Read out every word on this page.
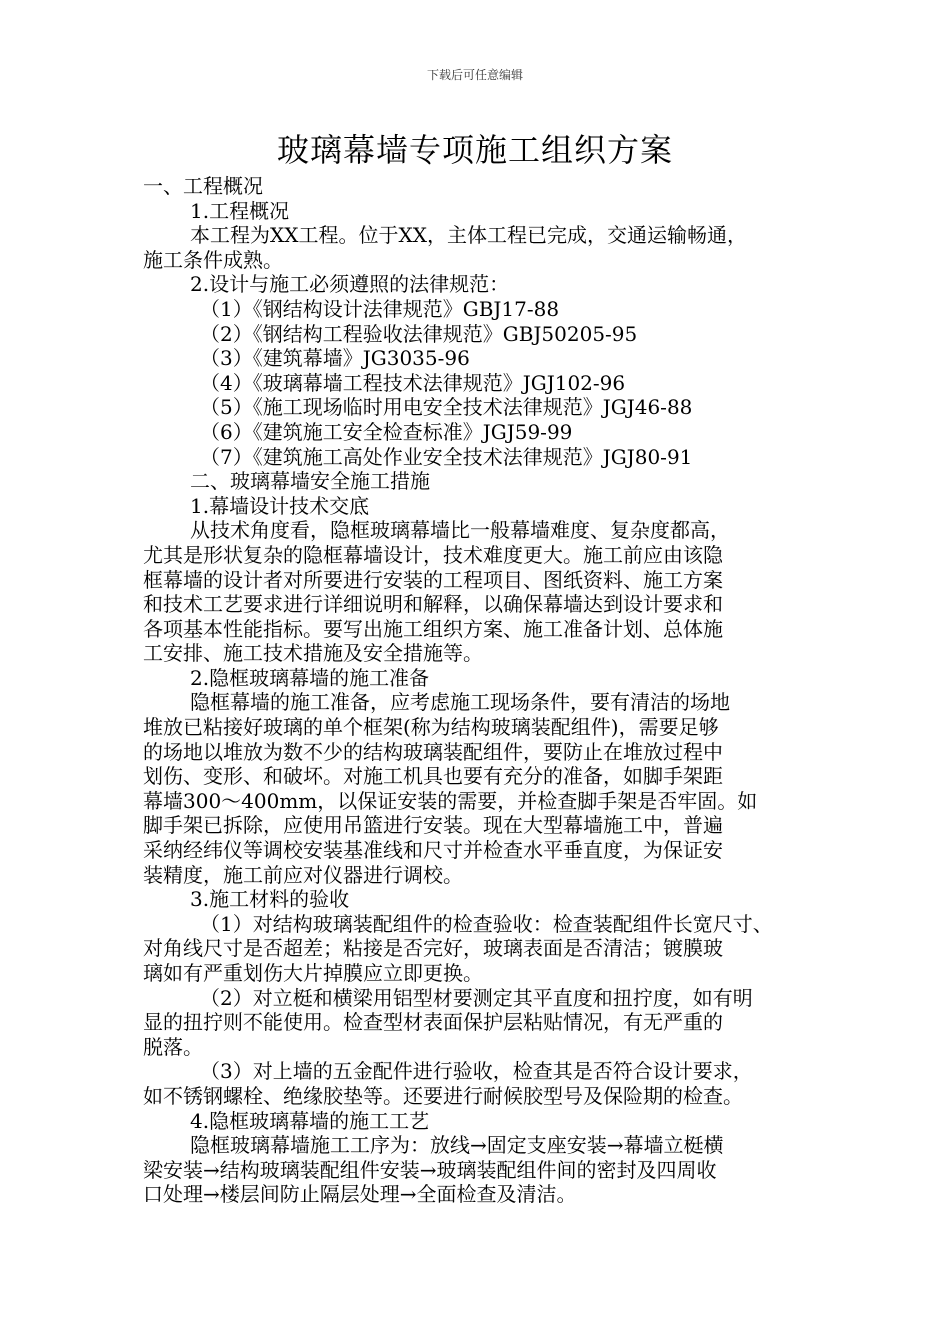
下载后可任意编辑
玻璃幕墙专项施工组织方案

一、工程概况

1.工程概况

本工程为XX工程。位于XX，主体工程已完成，交通运输畅通，

施工条件成熟。

2.设计与施工必须遵照的法律规范：

（1）《钢结构设计法律规范》GBJ17-88

（2）《钢结构工程验收法律规范》GBJ50205-95

（3）《建筑幕墙》JG3035-96

（4）《玻璃幕墙工程技术法律规范》JGJ102-96

（5）《施工现场临时用电安全技术法律规范》JGJ46-88

（6）《建筑施工安全检查标准》JGJ59-99

（7）《建筑施工高处作业安全技术法律规范》JGJ80-91

二、玻璃幕墙安全施工措施

1.幕墙设计技术交底

从技术角度看，隐框玻璃幕墙比一般幕墙难度、复杂度都高，

尤其是形状复杂的隐框幕墙设计，技术难度更大。施工前应由该隐

框幕墙的设计者对所要进行安装的工程项目、图纸资料、施工方案

和技术工艺要求进行详细说明和解释，以确保幕墙达到设计要求和

各项基本性能指标。要写出施工组织方案、施工准备计划、总体施

工安排、施工技术措施及安全措施等。

2.隐框玻璃幕墙的施工准备

隐框幕墙的施工准备，应考虑施工现场条件，要有清洁的场地

堆放已粘接好玻璃的单个框架(称为结构玻璃装配组件)，需要足够

的场地以堆放为数不少的结构玻璃装配组件，要防止在堆放过程中

划伤、变形、和破坏。对施工机具也要有充分的准备，如脚手架距

幕墙300～400mm，以保证安装的需要，并检查脚手架是否牢固。如

脚手架已拆除，应使用吊篮进行安装。现在大型幕墙施工中，普遍

采纳经纬仪等调校安装基准线和尺寸并检查水平垂直度，为保证安

装精度，施工前应对仪器进行调校。

3.施工材料的验收

（1）对结构玻璃装配组件的检查验收：检查装配组件长宽尺寸、

对角线尺寸是否超差；粘接是否完好，玻璃表面是否清洁；镀膜玻

璃如有严重划伤大片掉膜应立即更换。

（2）对立梃和横梁用铝型材要测定其平直度和扭拧度，如有明

显的扭拧则不能使用。检查型材表面保护层粘贴情况，有无严重的

脱落。

（3）对上墙的五金配件进行验收，检查其是否符合设计要求，

如不锈钢螺栓、绝缘胶垫等。还要进行耐候胶型号及保险期的检查。

4.隐框玻璃幕墙的施工工艺

隐框玻璃幕墙施工工序为：放线→固定支座安装→幕墙立梃横

梁安装→结构玻璃装配组件安装→玻璃装配组件间的密封及四周收

口处理→楼层间防止隔层处理→全面检查及清洁。
